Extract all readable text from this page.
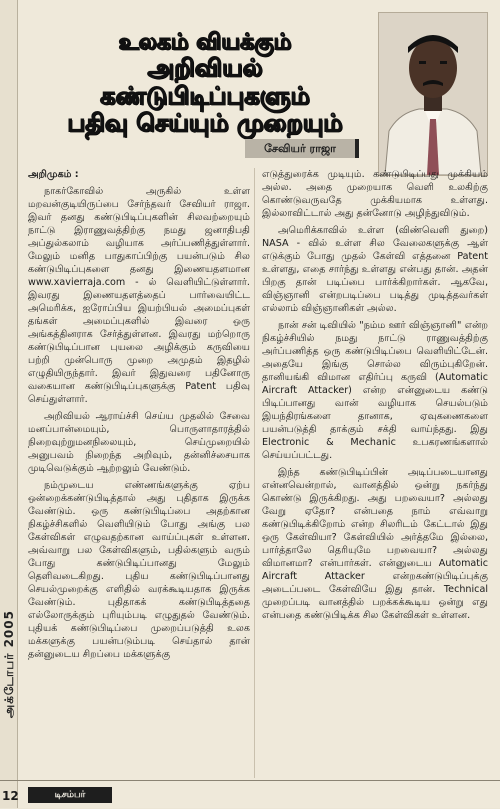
அக்டோபர் 2005
உலகம் வியக்கும்
அறிவியல் கண்டுபிடிப்புகளும்
பதிவு செய்யும் முறையும்
சேவியர் ராஜா

அறிமுகம் :

நாகர்கோவில் அருகில் உள்ள மறவன்குடியிருப்பை சேர்ந்தவர் சேவியர் ராஜா. இவர் தனது கண்டுபிடிப்புகளின் சிலவற்றையும் நாட்டு இராணுவத்திற்கு நமது ஜனாதிபதி அப்துல்கலாம் வழியாக அர்ப்பணித்துள்ளார். மேலும் மனித பாதுகாப்பிற்கு பயன்படும் சில கண்டுபிடிப்புகளை தனது இணையதளமான www.xavierraja.com - ல் வெளியிட்டுள்ளார். இவரது இணையதளத்தைப் பார்வையிட்ட அமெரிக்க, ஐரோப்பிய இயற்பியல் அமைப்புகள் தங்கள் அமைப்புகளில் இவரை ஒரு அங்கத்தினராக சேர்த்துள்ளன. இவரது மற்றொரு கண்டுபிடிப்பான புயலை அழிக்கும் கருவியை பற்றி முன்பொரு முறை அமுதம் இதழில் எழுதியிருந்தார். இவர் இதுவரை பதினோரு வகையான கண்டுபிடிப்புகளுக்கு Patent பதிவு செய்துள்ளார்.

அறிவியல் ஆராய்ச்சி செய்ய முதலில் சேவை மனப்பான்மையும், பொருளாதாரத்தில் நிறைவுற்றுமனநிலையும், செய்முறையில் அனுபவம் நிறைந்த அறிவும், தன்னிச்சையாக முடிவெடுக்கும் ஆற்றலும் வேண்டும்.

நம்முடைய எண்ணங்களுக்கு ஏற்ப ஒன்றைக்கண்டுபிடித்தால் அது புதிதாக இருக்க வேண்டும். ஒரு கண்டுபிடிப்பை அதற்கான நிகழ்ச்சிகளில் வெளியிடும் போது அங்கு பல கேள்விகள் எழுவதற்கான வாய்ப்புகள் உள்ளன. அவ்வாறு பல கேள்விகளும், பதில்களும் வரும் போது கண்டுபிடிப்பானது மேலும் தெளிவடைகிறது. புதிய கண்டுபிடிப்பானது செயல்முறைக்கு எளிதில் வரக்கூடியதாக இருக்க வேண்டும். புதிதாகக் கண்டுபிடித்ததை எல்லோருக்கும் புரியும்படி எழுதுதல் வேண்டும். புதியக் கண்டுபிடிப்பை முறைப்படுத்தி உலக மக்களுக்கு பயன்படும்படி செய்தால் தான் தன்னுடைய சிறப்பை மக்களுக்கு

எடுத்துரைக்க முடியும். கண்டுபிடிப்பது முக்கியம் அல்ல. அதை முறையாக வெளி உலகிற்கு கொண்டுவருவதே முக்கியமாக உள்ளது. இல்லாவிட்டால் அது தன்னோடு அழிந்துவிடும்.

அமெரிக்காவில் உள்ள (விண்வெளி துறை) NASA - வில் உள்ள சில வேலைகளுக்கு ஆள் எடுக்கும் போது முதல் கேள்வி எத்தனை Patent உள்ளது, எதை சார்ந்து உள்ளது என்பது தான். அதன் பிறகு தான் படிப்பை பார்க்கிறார்கள். ஆகவே, விஞ்ஞானி என்றபடிப்பை படித்து முடித்தவர்கள் எல்லாம் விஞ்ஞானிகள் அல்ல.

நான் சன் டிவியில் "நம்ம ஊர் விஞ்ஞானி" என்ற நிகழ்ச்சியில் நமது நாட்டு ராணுவத்திற்கு அர்ப்பணித்த ஒரு கண்டுபிடிப்பை வெளியிட்டேன். அதையே இங்கு சொல்ல விரும்புகிறேன். தானியங்கி விமான எதிர்ப்பு கருவி (Automatic Aircraft Attacker) என்ற என்னுடைய கண்டு பிடிப்பானது வான் வழியாக செயல்படும் இயந்திரங்களை தானாக, ஏவுகணைகளை பயன்படுத்தி தாக்கும் சக்தி வாய்ந்தது. இது Electronic & Mechanic உபகரணங்களால் செய்யப்பட்டது.

இந்த கண்டுபிடிப்பின் அடிப்படையானது என்னவென்றால், வானத்தில் ஒன்று நகர்ந்து கொண்டு இருக்கிறது. அது பறவையா? அல்லது வேறு ஏதோ? என்பதை நாம் எவ்வாறு கண்டுபிடிக்கிறோம் என்ற சிலரிடம் கேட்டால் இது ஒரு கேள்வியா? கேள்வியில் அர்த்தமே இல்லை, பார்த்தாலே தெரியுமே பறவையா? அல்லது விமானமா? என்பார்கள். என்னுடைய Automatic Aircraft Attacker என்றகண்டுபிடிப்புக்கு அடைப்படை கேள்வியே இது தான். Technical முறைப்படி வானத்தில் பறக்கக்கூடிய ஒன்று எது என்பதை கண்டுபிடிக்க சில கேள்விகள் உள்ளன.

12	டிசம்பர்
